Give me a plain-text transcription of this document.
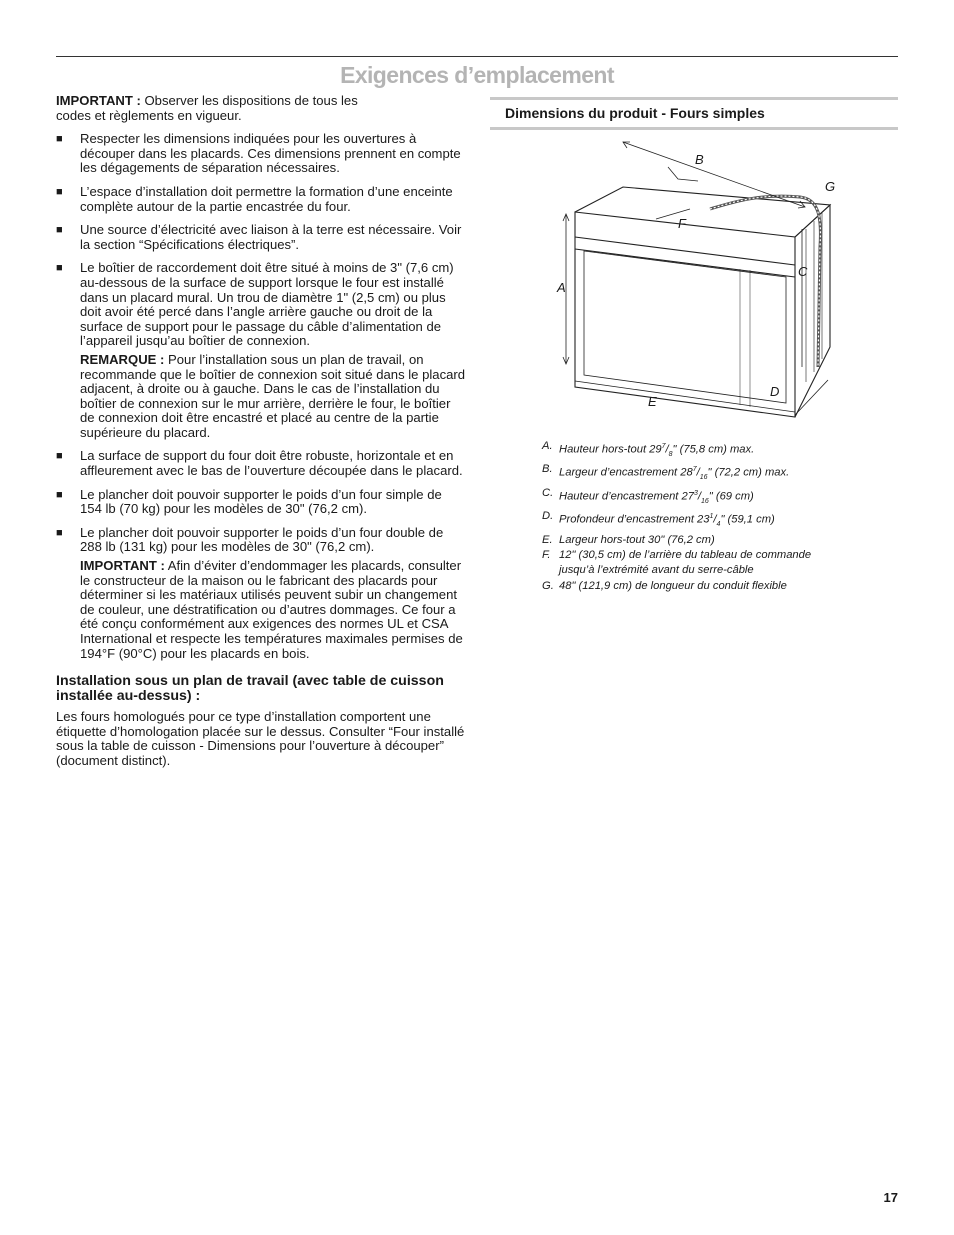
Exigences d’emplacement

IMPORTANT : Observer les dispositions de tous les codes et règlements en vigueur.

■ Respecter les dimensions indiquées pour les ouvertures à découper dans les placards. Ces dimensions prennent en compte les dégagements de séparation nécessaires.
■ L’espace d’installation doit permettre la formation d’une enceinte complète autour de la partie encastrée du four.
■ Une source d’électricité avec liaison à la terre est nécessaire. Voir la section “Spécifications électriques”.
■ Le boîtier de raccordement doit être situé à moins de 3" (7,6 cm) au-dessous de la surface de support lorsque le four est installé dans un placard mural. Un trou de diamètre 1" (2,5 cm) ou plus doit avoir été percé dans l’angle arrière gauche ou droit de la surface de support pour le passage du câble d’alimentation de l’appareil jusqu’au boîtier de connexion.

REMARQUE : Pour l’installation sous un plan de travail, on recommande que le boîtier de connexion soit situé dans le placard adjacent, à droite ou à gauche. Dans le cas de l’installation du boîtier de connexion sur le mur arrière, derrière le four, le boîtier de connexion doit être encastré et placé au centre de la partie supérieure du placard.

■ La surface de support du four doit être robuste, horizontale et en affleurement avec le bas de l’ouverture découpée dans le placard.
■ Le plancher doit pouvoir supporter le poids d’un four simple de 154 lb (70 kg) pour les modèles de 30" (76,2 cm).
■ Le plancher doit pouvoir supporter le poids d’un four double de 288 lb (131 kg) pour les modèles de 30" (76,2 cm).

IMPORTANT : Afin d’éviter d’endommager les placards, consulter le constructeur de la maison ou le fabricant des placards pour déterminer si les matériaux utilisés peuvent subir un changement de couleur, une déstratification ou d’autres dommages. Ce four a été conçu conformément aux exigences des normes UL et CSA International et respecte les températures maximales permises de 194°F (90°C) pour les placards en bois.

Installation sous un plan de travail (avec table de cuisson installée au-dessus) :

Les fours homologués pour ce type d’installation comportent une étiquette d’homologation placée sur le dessus. Consulter “Four installé sous la table de cuisson - Dimensions pour l’ouverture à découper” (document distinct).

Dimensions du produit - Fours simples
A
B
C
D
E
F
G
A. Hauteur hors-tout $29^7/_8$" (75,8 cm) max.
B. Largeur d’encastrement $28^7/_{16}$" (72,2 cm) max.
C. Hauteur d’encastrement $27^3/_{16}$" (69 cm)
D. Profondeur d’encastrement $23^1/_4$" (59,1 cm)
E. Largeur hors-tout 30" (76,2 cm)
F. 12" (30,5 cm) de l’arrière du tableau de commande
jusqu’à l’extrémité avant du serre-câble
G. 48" (121,9 cm) de longueur du conduit flexible
17
